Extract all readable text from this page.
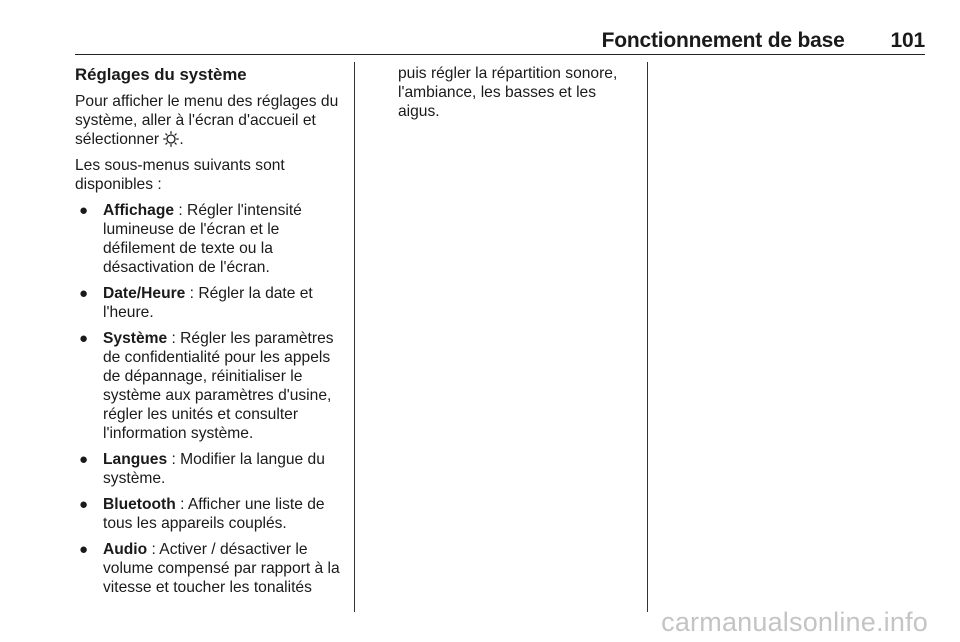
Fonctionnement de base 101
Réglages du système

Pour afficher le menu des réglages du système, aller à l'écran d'accueil et sélectionner .

Les sous-menus suivants sont disponibles :

● Affichage : Régler l'intensité lumineuse de l'écran et le défilement de texte ou la désactivation de l'écran.
● Date/Heure : Régler la date et l'heure.
● Système : Régler les paramètres de confidentialité pour les appels de dépannage, réinitialiser le système aux paramètres d'usine, régler les unités et consulter l'information système.
● Langues : Modifier la langue du système.
● Bluetooth : Afficher une liste de tous les appareils couplés.
● Audio : Activer / désactiver le volume compensé par rapport à la vitesse et toucher les tonalités

puis régler la répartition sonore, l'ambiance, les basses et les aigus.

carmanualsonline.info
